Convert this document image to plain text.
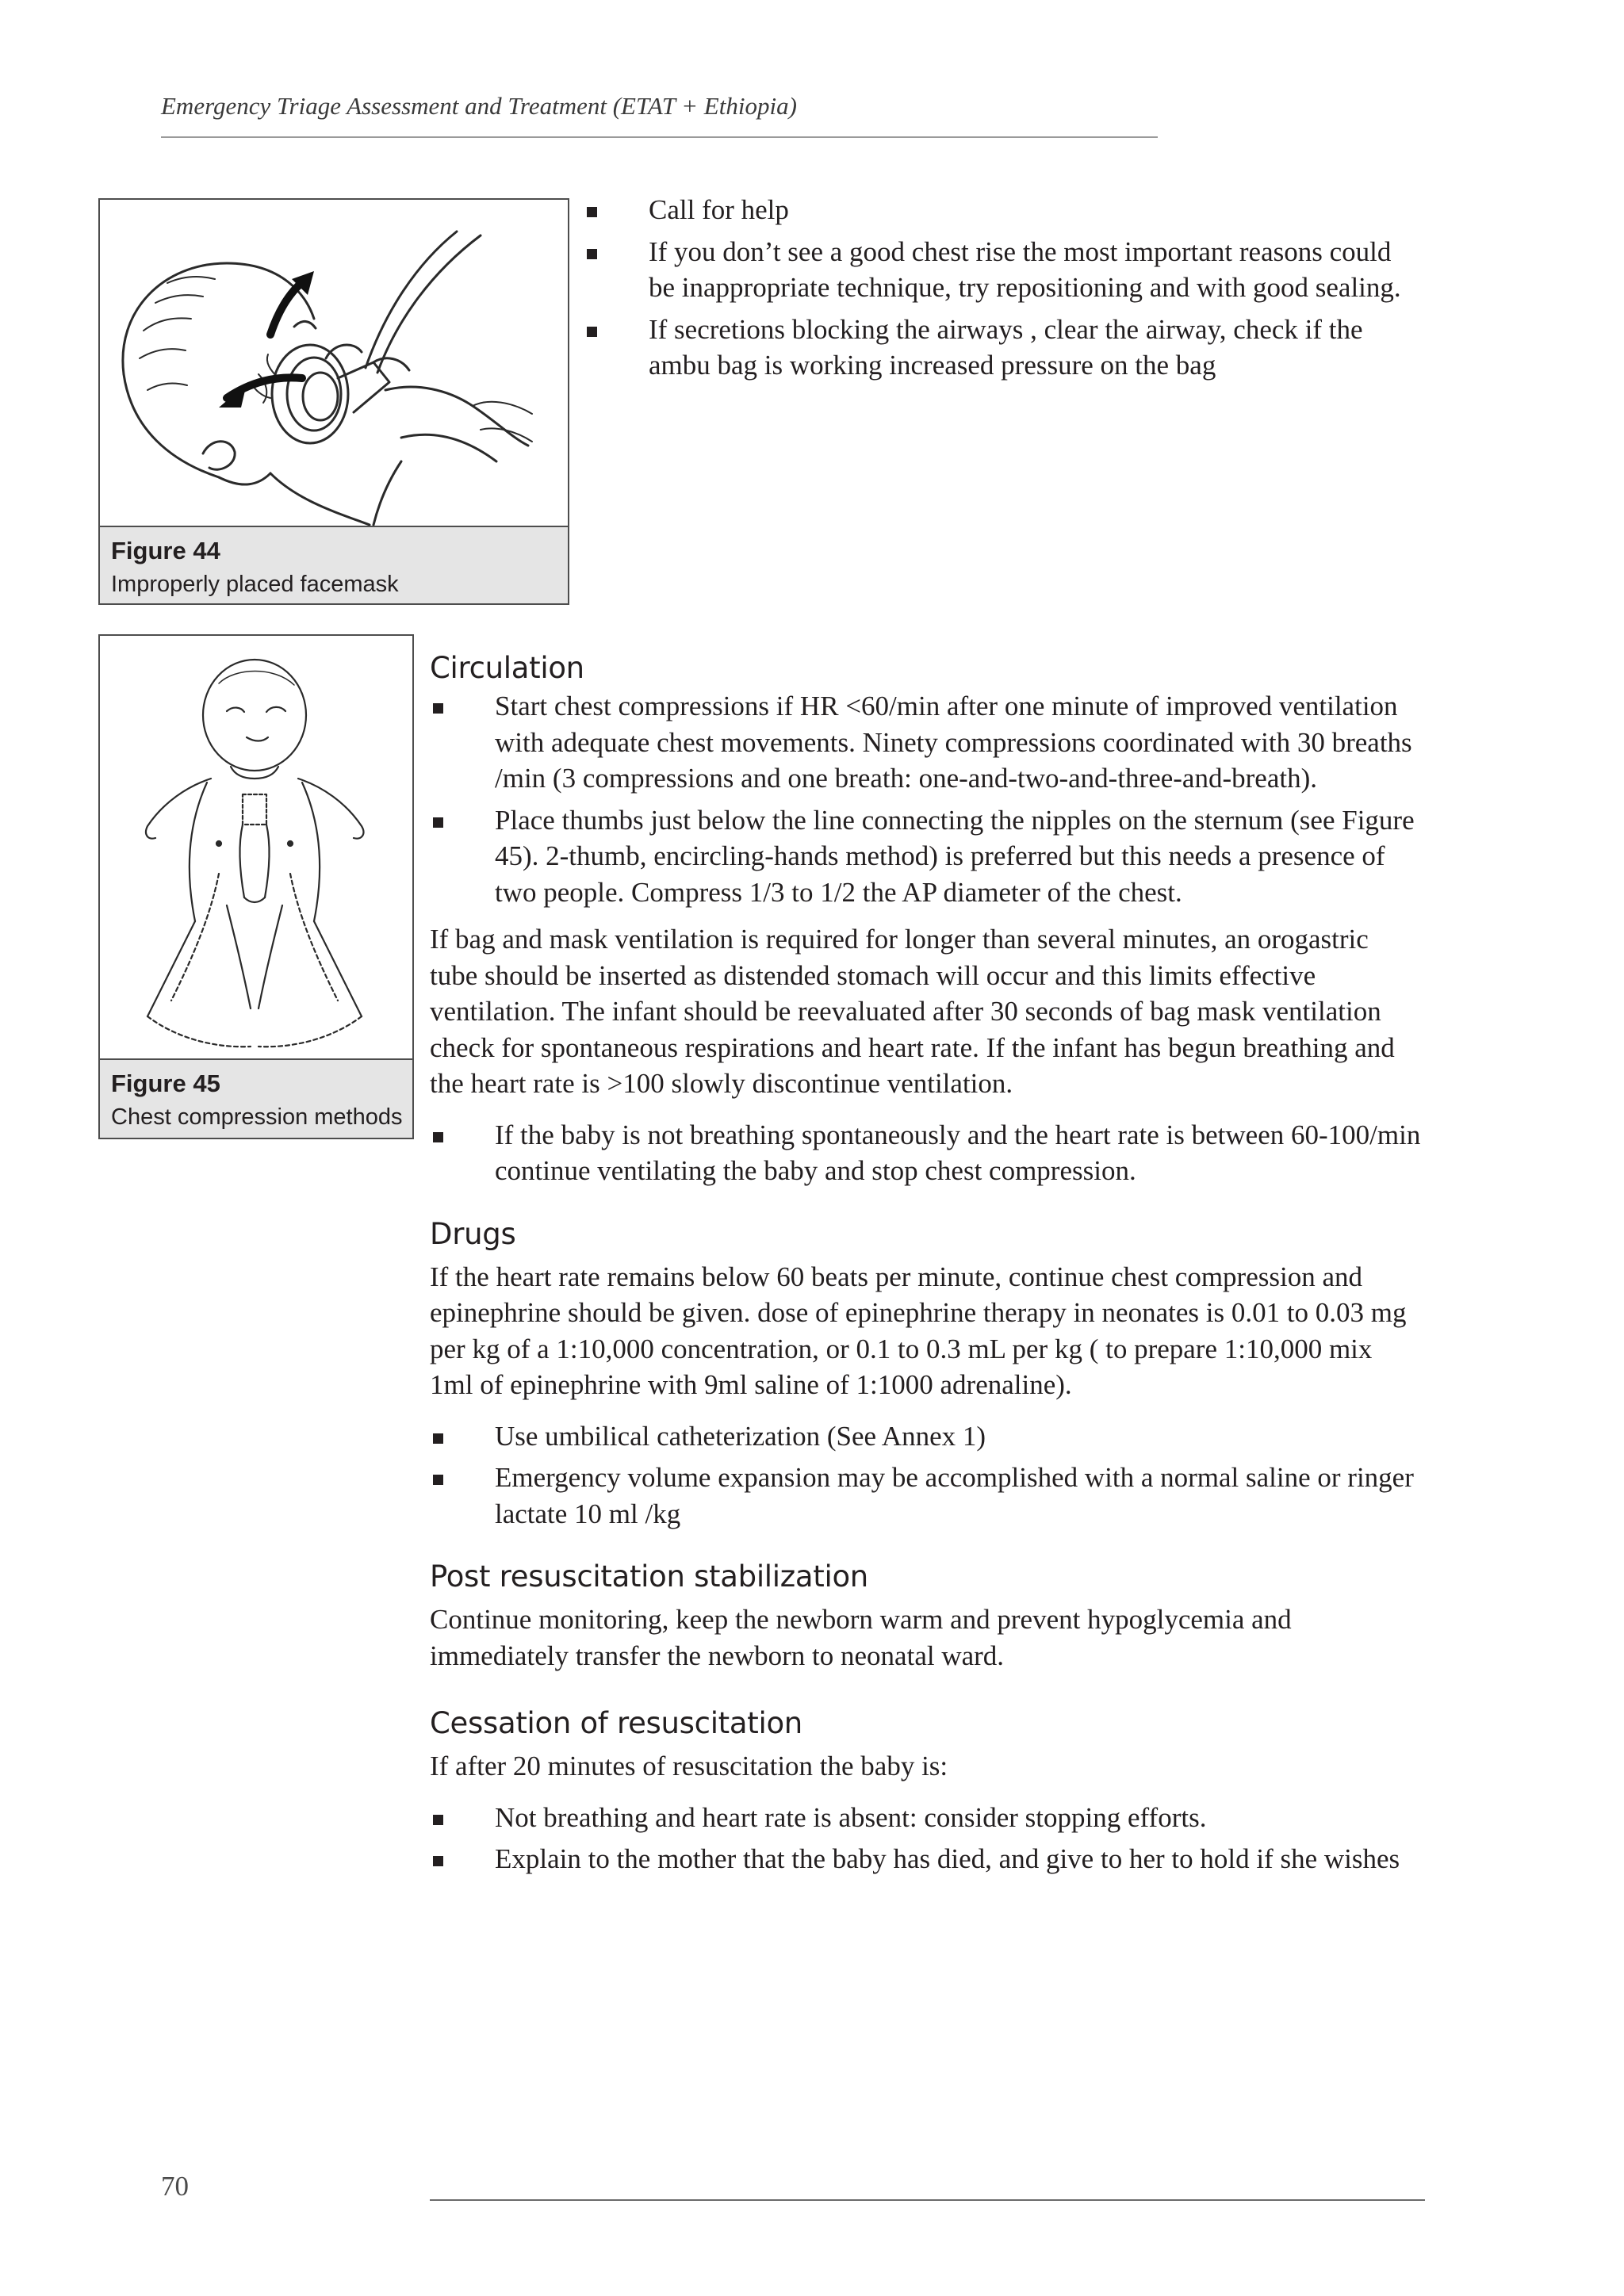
Emergency Triage Assessment and Treatment (ETAT + Ethiopia)
Figure 44
Improperly placed facemask
Call for help
If you don’t see a good chest rise the most important reasons could be inappropriate technique, try repositioning and with good sealing.
If secretions blocking the airways , clear the airway, check if the ambu bag is working increased pressure on the bag
Figure 45
Chest compression methods
Circulation
Start chest compressions if HR <60/min after one minute of improved ventilation with adequate chest movements. Ninety compressions coordinated with 30 breaths /min (3 compressions and one breath: one-and-two-and-three-and-breath).
Place thumbs just below the line connecting the nipples on the sternum (see Figure 45). 2-thumb, encircling-hands method) is preferred but this needs a presence of two people. Compress 1/3 to 1/2 the AP diameter of the chest.

If bag and mask ventilation is required for longer than several minutes, an orogastric tube should be inserted as distended stomach will occur and this limits effective ventilation. The infant should be reevaluated after 30 seconds of bag mask ventilation check for spontaneous respirations and heart rate. If the infant has begun breathing and the heart rate is >100 slowly discontinue ventilation.

If the baby is not breathing spontaneously and the heart rate is between 60-100/min continue ventilating the baby and stop chest compression.
Drugs

If the heart rate remains below 60 beats per minute, continue chest compression and epinephrine should be given. dose of epinephrine therapy in neonates is 0.01 to 0.03 mg per kg of a 1:10,000 concentration, or 0.1 to 0.3 mL per kg ( to prepare 1:10,000 mix 1ml of epinephrine with 9ml saline of 1:1000 adrenaline).

Use umbilical catheterization (See Annex 1)
Emergency volume expansion may be accomplished with a normal saline or ringer lactate 10 ml /kg
Post resuscitation stabilization

Continue monitoring, keep the newborn warm and prevent hypoglycemia and immediately transfer the newborn to neonatal ward.

Cessation of resuscitation

If after 20 minutes of resuscitation the baby is:

Not breathing and heart rate is absent: consider stopping efforts.
Explain to the mother that the baby has died, and give to her to hold if she wishes
70
